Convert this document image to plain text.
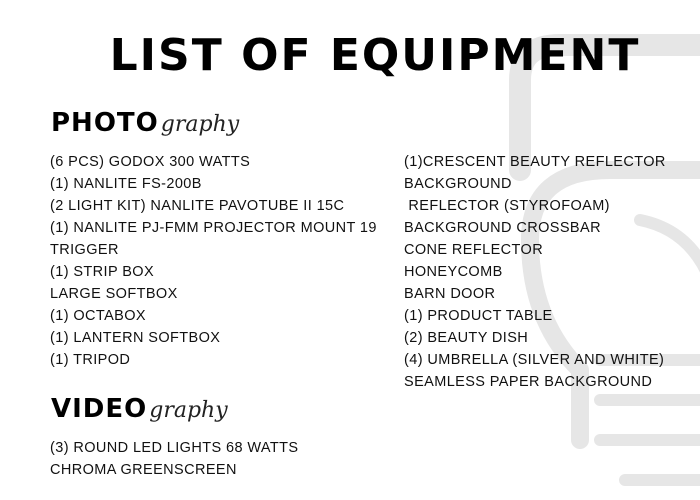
LIST OF EQUIPMENT
PHOTOgraphy
(6 PCS) GODOX 300 WATTS
(1) NANLITE FS-200B
(2 LIGHT KIT) NANLITE PAVOTUBE II 15C
(1) NANLITE PJ-FMM PROJECTOR MOUNT 19
TRIGGER
(1) STRIP BOX
LARGE SOFTBOX
(1) OCTABOX
(1) LANTERN SOFTBOX
(1) TRIPOD
(1)CRESCENT BEAUTY REFLECTOR
BACKGROUND
REFLECTOR (STYROFOAM)
BACKGROUND CROSSBAR
CONE REFLECTOR
HONEYCOMB
BARN DOOR
(1) PRODUCT TABLE
(2) BEAUTY DISH
(4) UMBRELLA (SILVER AND WHITE)
SEAMLESS PAPER BACKGROUND
VIDEOgraphy
(3) ROUND LED LIGHTS 68 WATTS
CHROMA GREENSCREEN
